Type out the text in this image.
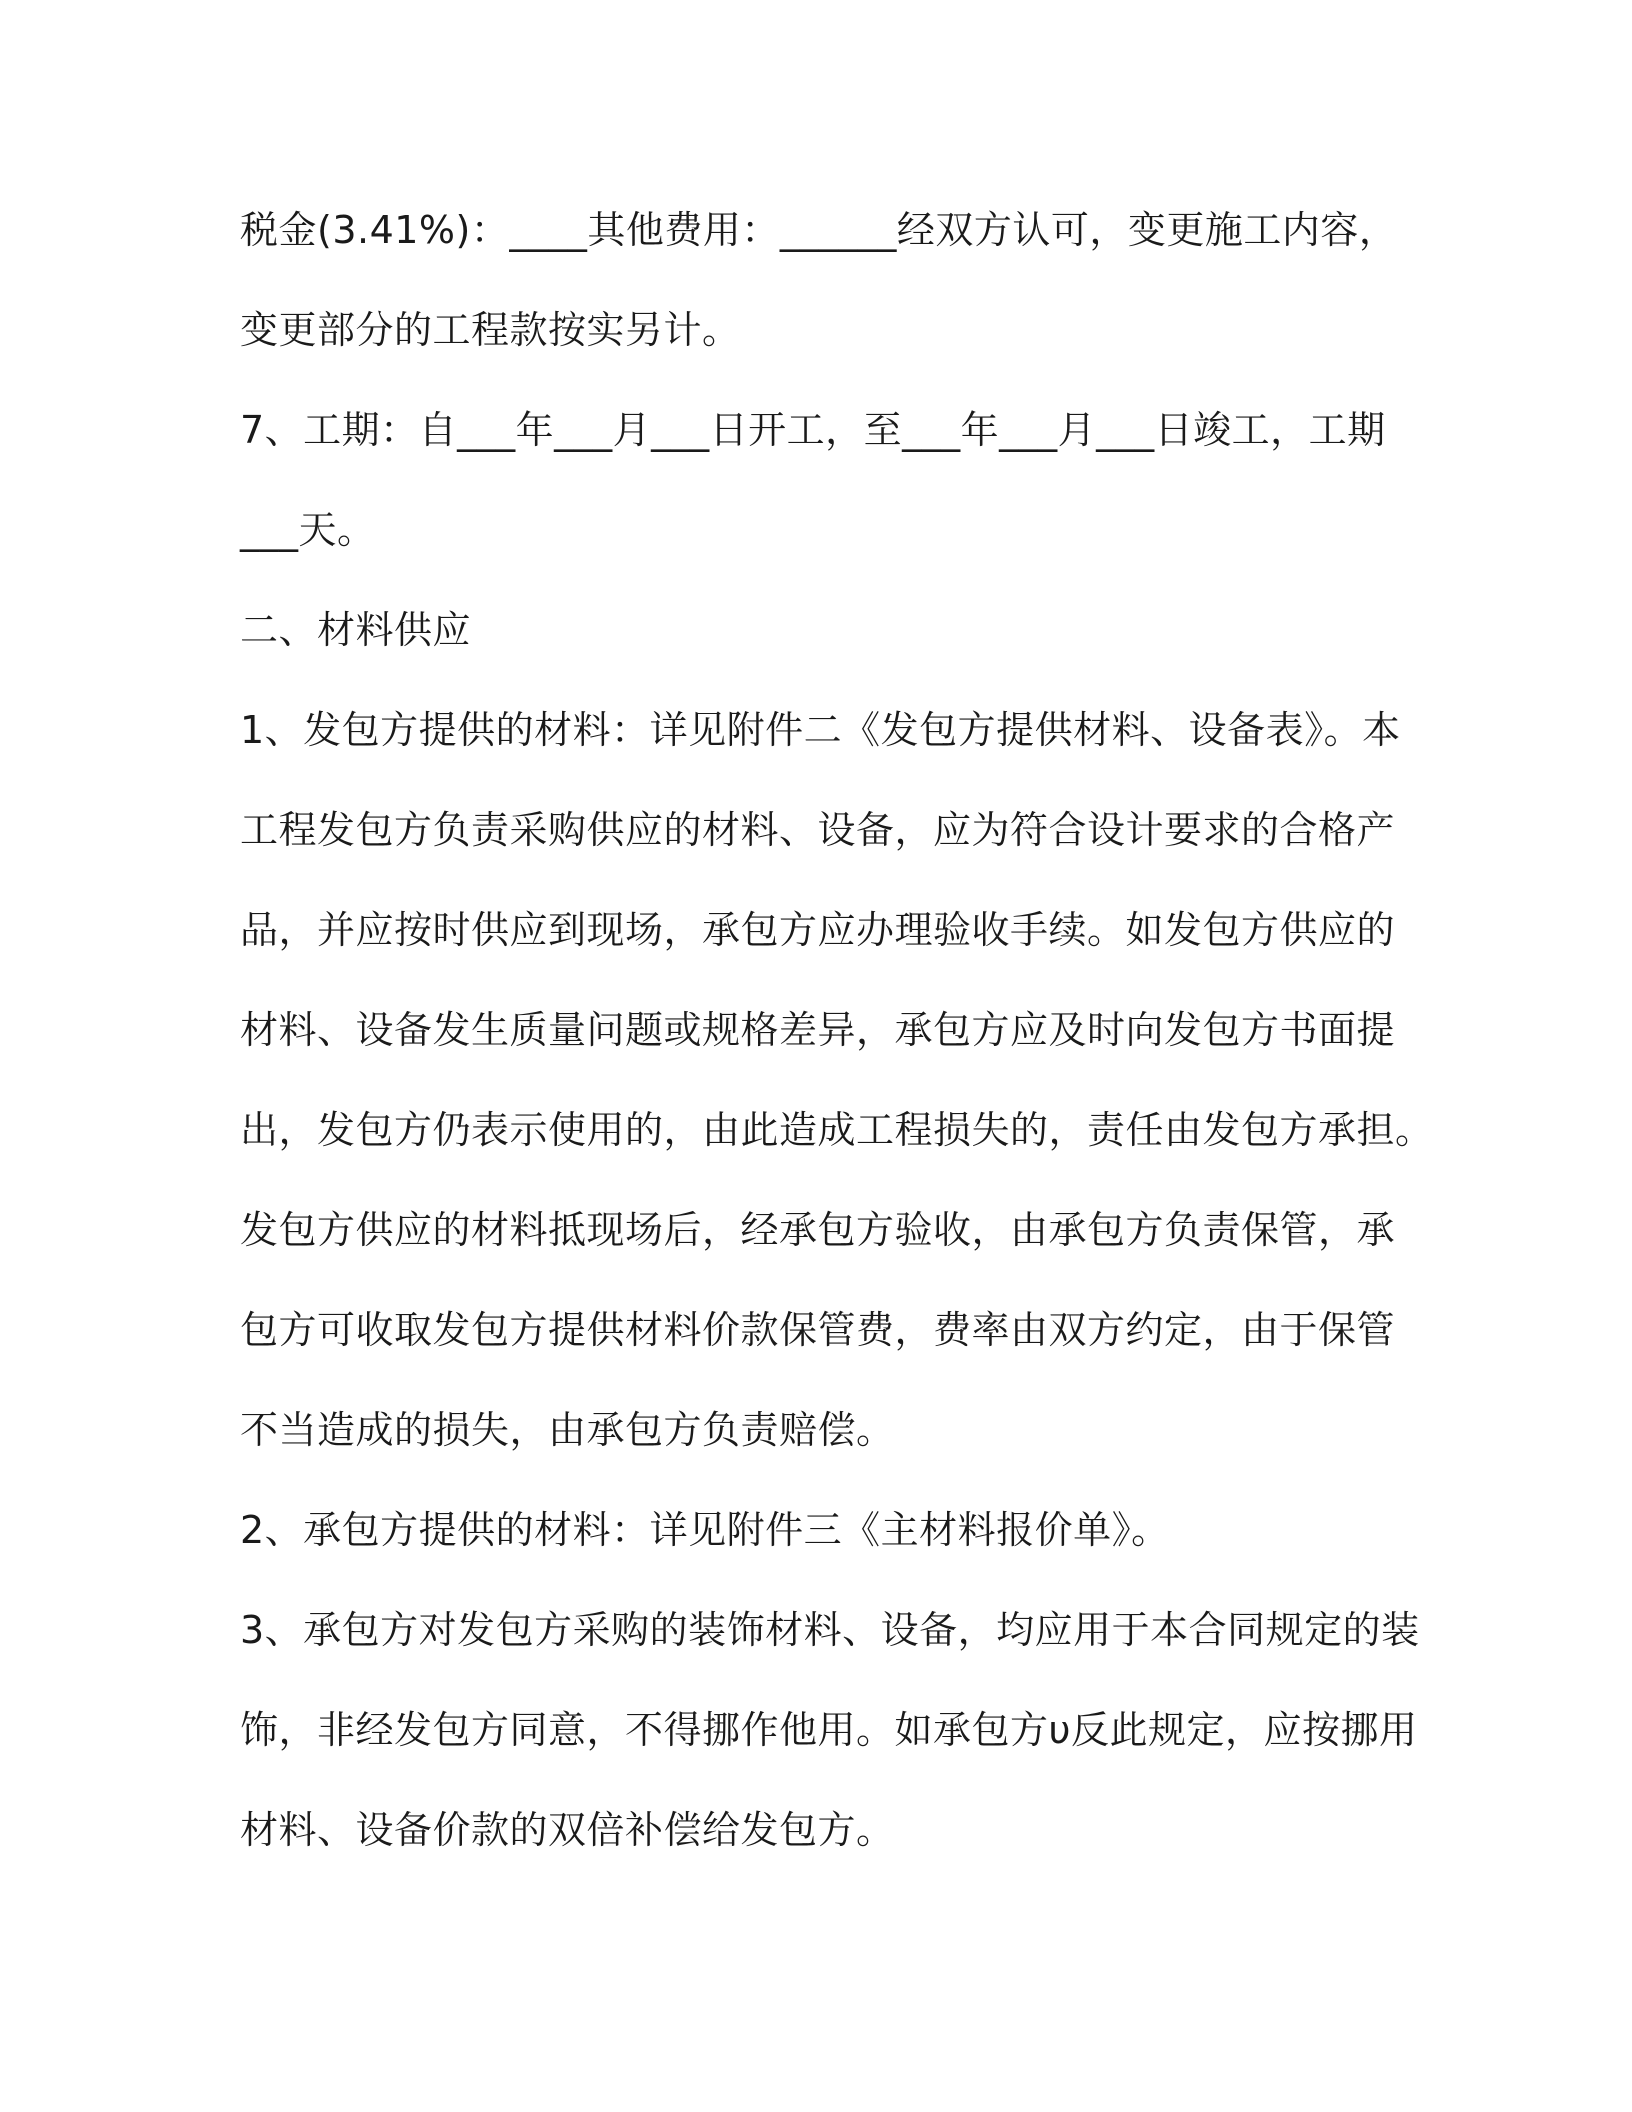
税金(3.41%)：____其他费用：______经双方认可，变更施工内容，
变更部分的工程款按实另计。
7、工期：自___年___月___日开工，至___年___月___日竣工，工期
___天。
二、材料供应
1、发包方提供的材料：详见附件二《发包方提供材料、设备表》。本
工程发包方负责采购供应的材料、设备，应为符合设计要求的合格产
品，并应按时供应到现场，承包方应办理验收手续。如发包方供应的
材料、设备发生质量问题或规格差异，承包方应及时向发包方书面提
出，发包方仍表示使用的，由此造成工程损失的，责任由发包方承担。
发包方供应的材料抵现场后，经承包方验收，由承包方负责保管，承
包方可收取发包方提供材料价款保管费，费率由双方约定，由于保管
不当造成的损失，由承包方负责赔偿。
2、承包方提供的材料：详见附件三《主材料报价单》。
3、承包方对发包方采购的装饰材料、设备，均应用于本合同规定的装
饰，非经发包方同意，不得挪作他用。如承包方υ反此规定，应按挪用
材料、设备价款的双倍补偿给发包方。
